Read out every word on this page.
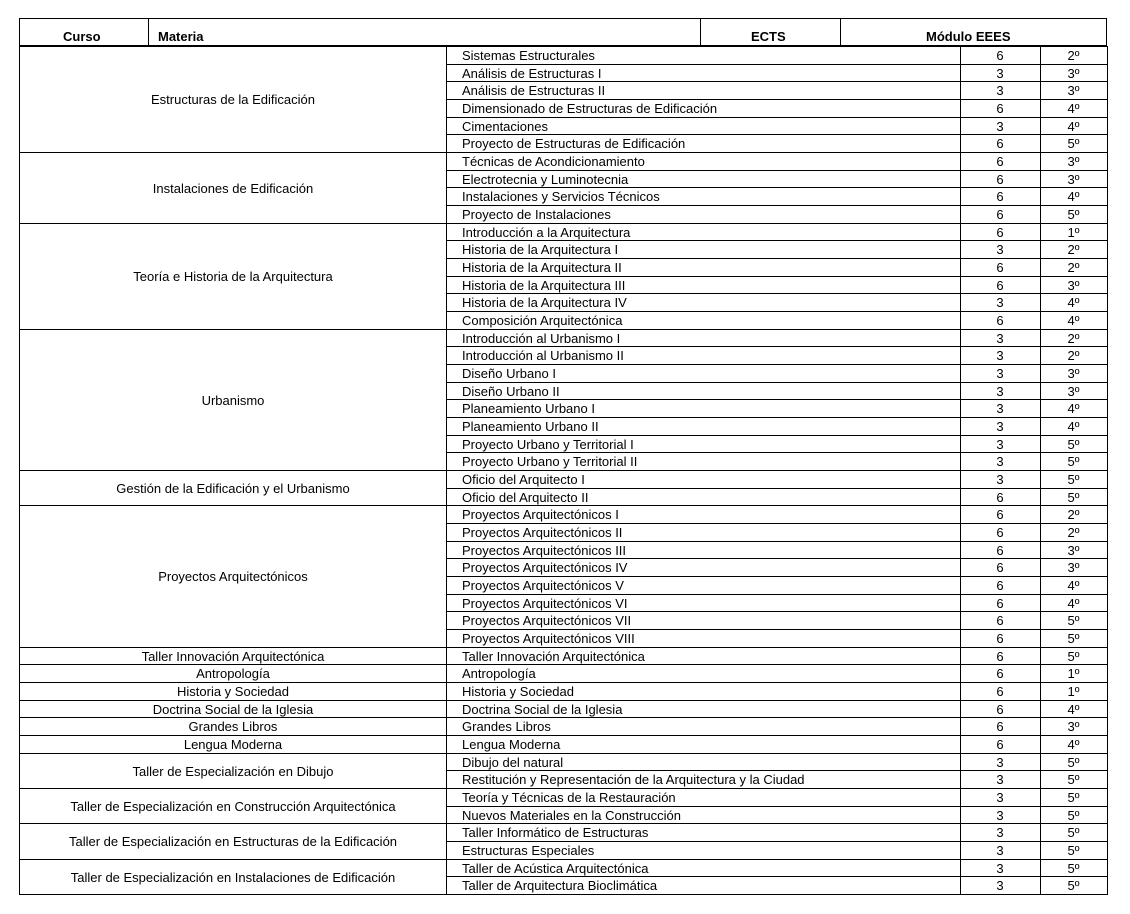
Curso	Materia	ECTS	Módulo EEES
Estructuras de la Edificación
Sistemas Estructurales	6	2º
Análisis de Estructuras I	3	3º
Análisis de Estructuras II	3	3º
Dimensionado de Estructuras de Edificación	6	4º
Cimentaciones	3	4º
Proyecto de Estructuras de Edificación	6	5º
Instalaciones de Edificación
Técnicas de Acondicionamiento	6	3º
Electrotecnia y Luminotecnia	6	3º
Instalaciones y Servicios Técnicos	6	4º
Proyecto de Instalaciones	6	5º
Teoría e Historia de la Arquitectura
Introducción a la Arquitectura	6	1º
Historia de la Arquitectura I	3	2º
Historia de la Arquitectura II	6	2º
Historia de la Arquitectura III	6	3º
Historia de la Arquitectura IV	3	4º
Composición Arquitectónica	6	4º
Urbanismo
Introducción al Urbanismo I	3	2º
Introducción al Urbanismo II	3	2º
Diseño Urbano I	3	3º
Diseño Urbano II	3	3º
Planeamiento Urbano I	3	4º
Planeamiento Urbano II	3	4º
Proyecto Urbano y Territorial I	3	5º
Proyecto Urbano y Territorial II	3	5º
Gestión de la Edificación y el Urbanismo
Oficio del Arquitecto I	3	5º
Oficio del Arquitecto II	6	5º
Proyectos Arquitectónicos
Proyectos Arquitectónicos I	6	2º
Proyectos Arquitectónicos II	6	2º
Proyectos Arquitectónicos III	6	3º
Proyectos Arquitectónicos IV	6	3º
Proyectos Arquitectónicos V	6	4º
Proyectos Arquitectónicos VI	6	4º
Proyectos Arquitectónicos VII	6	5º
Proyectos Arquitectónicos VIII	6	5º
Taller Innovación Arquitectónica	Taller Innovación Arquitectónica	6	5º
Antropología	Antropología	6	1º
Historia y Sociedad	Historia y Sociedad	6	1º
Doctrina Social de la Iglesia	Doctrina Social de la Iglesia	6	4º
Grandes Libros	Grandes Libros	6	3º
Lengua Moderna	Lengua Moderna	6	4º
Taller de Especialización en Dibujo
Dibujo del natural	3	5º
Restitución y Representación de la Arquitectura y la Ciudad	3	5º
Taller de Especialización en Construcción Arquitectónica
Teoría y Técnicas de la Restauración	3	5º
Nuevos Materiales en la Construcción	3	5º
Taller de Especialización en Estructuras de la Edificación
Taller Informático de Estructuras	3	5º
Estructuras Especiales	3	5º
Taller de Especialización en Instalaciones de Edificación
Taller de Acústica Arquitectónica	3	5º
Taller de Arquitectura Bioclimática	3	5º
